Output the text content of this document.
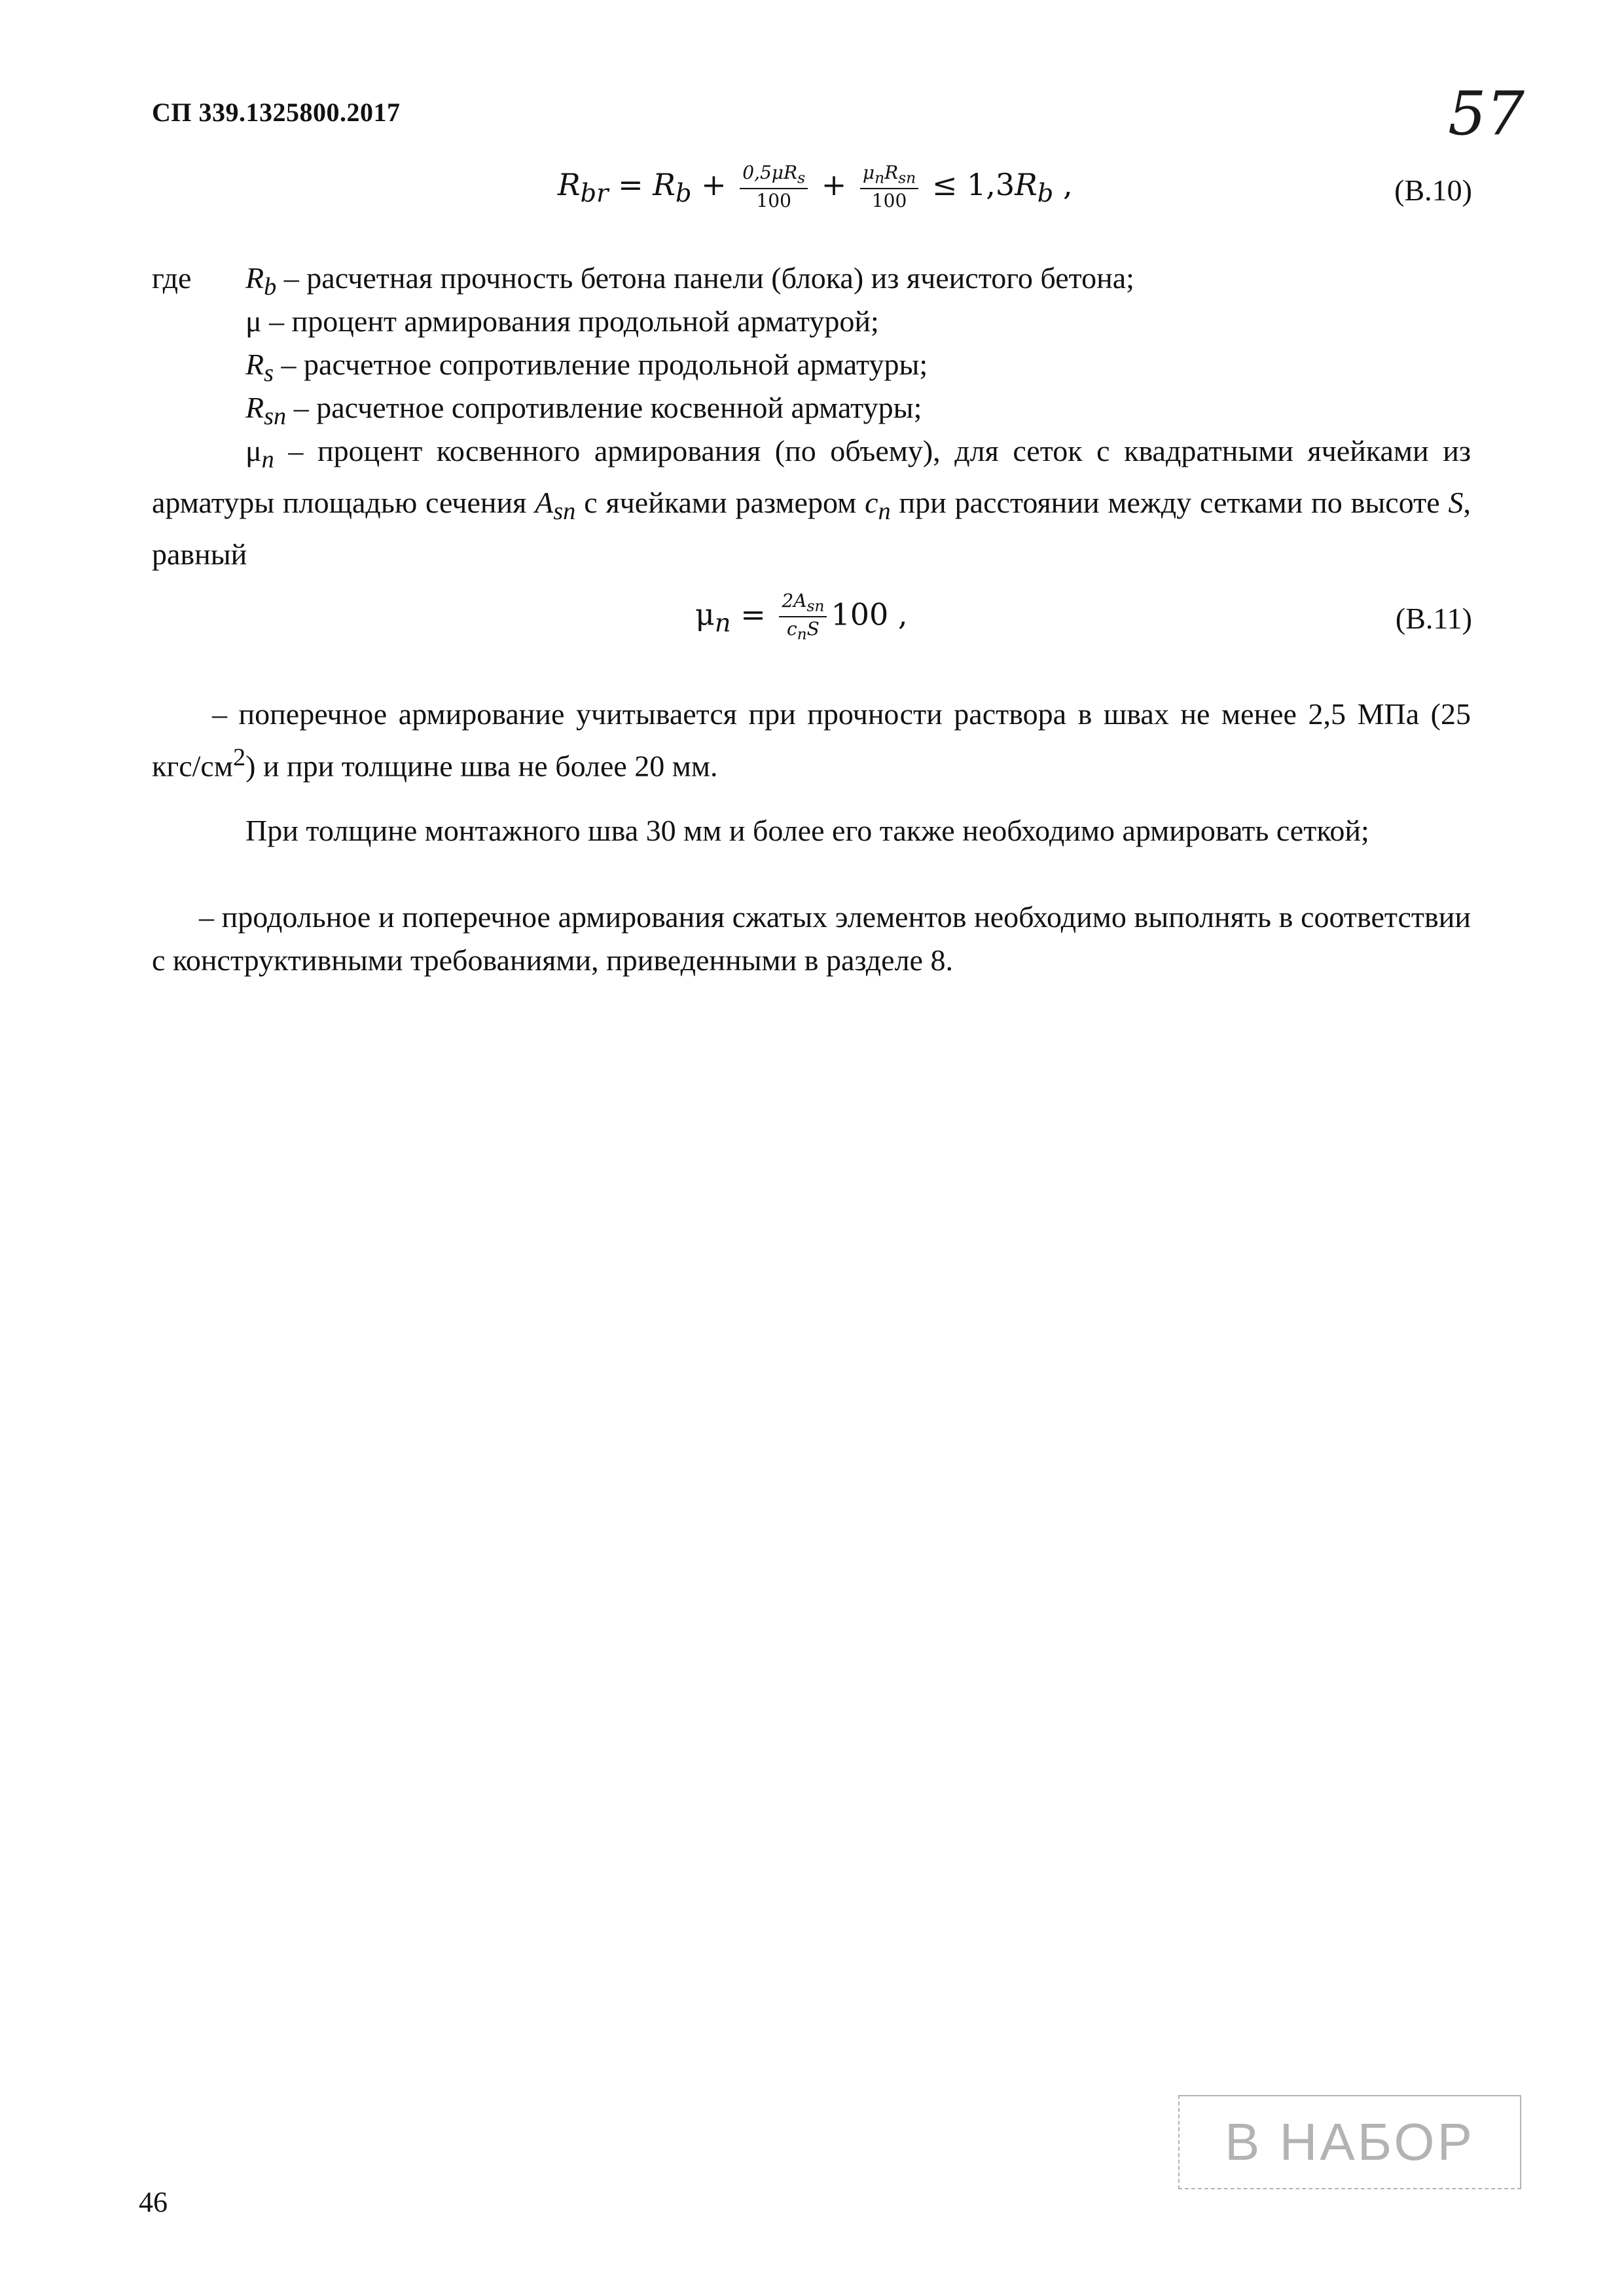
СП 339.1325800.2017	57
$R_{br} = R_b + \frac{0,5\mu R_s}{100} + \frac{\mu_nR_{sn}}{100} \le 1,3R_b$ ,	(В.10)
где $R_b$ – расчетная прочность бетона панели (блока) из ячеистого бетона;
μ – процент армирования продольной арматурой;
$R_s$ – расчетное сопротивление продольной арматуры;
$R_{sn}$ – расчетное сопротивление косвенной арматуры;
$\mu_n$ – процент косвенного армирования (по объему), для сеток с квадратными ячейками из арматуры площадью сечения $A_{sn}$ с ячейками размером $c_n$ при расстоянии между сетками по высоте S, равный
$\mu_n = \frac{2A_{sn}}{c_nS} 100$ ,	(В.11)
– поперечное армирование учитывается при прочности раствора в швах не менее 2,5 МПа (25 кгс/$см^2$) и при толщине шва не более 20 мм.
При толщине монтажного шва 30 мм и более его также необходимо армировать сеткой;
– продольное и поперечное армирования сжатых элементов необходимо выполнять в соответствии с конструктивными требованиями, приведенными в разделе 8.
В НАБОР
46
